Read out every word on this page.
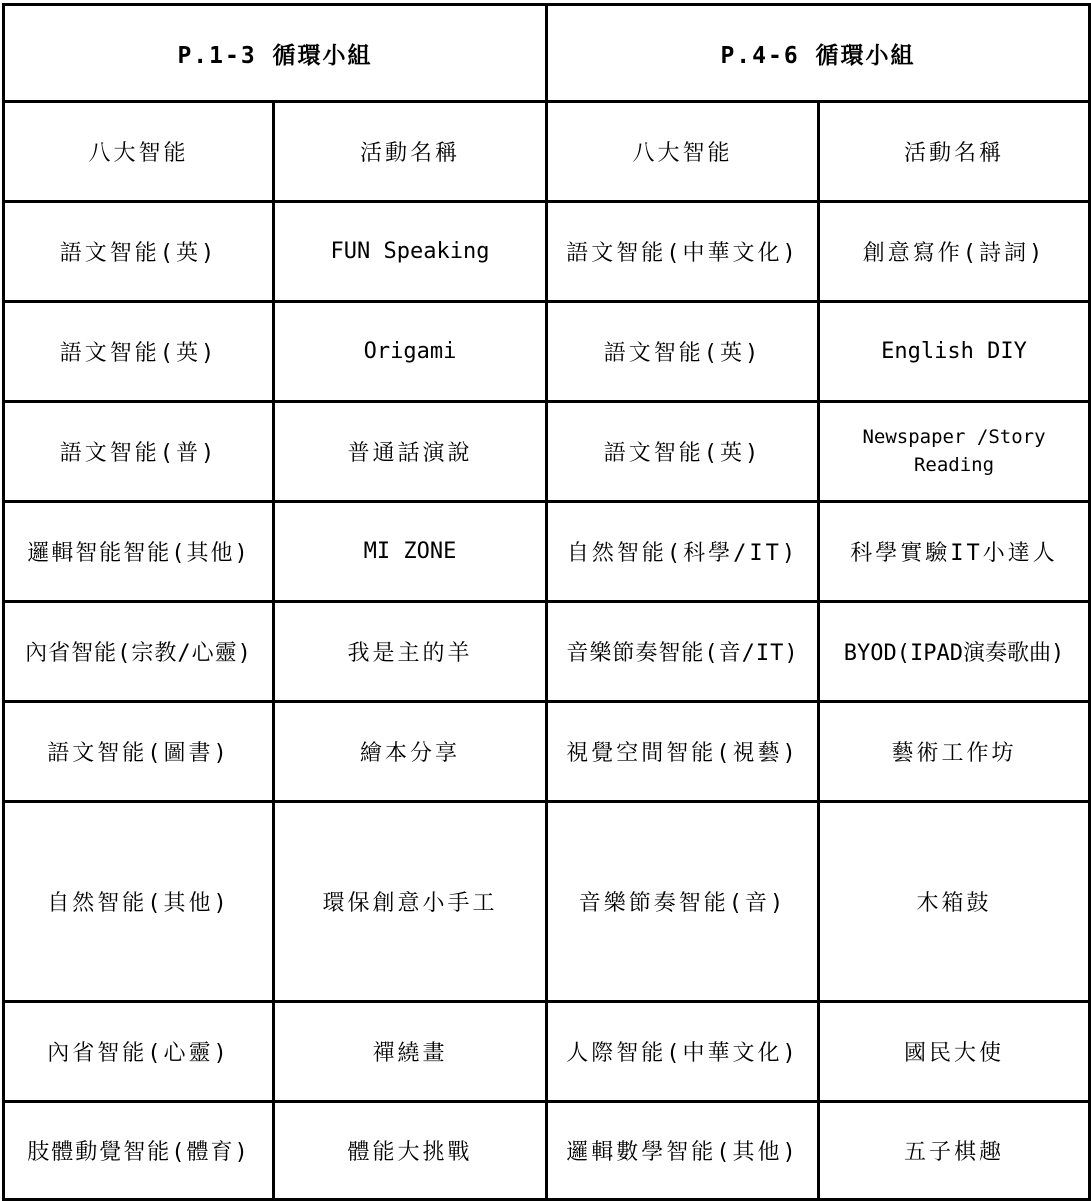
P.1-3 循環小組		P.4-6 循環小組	
八大智能	活動名稱	八大智能	活動名稱
語文智能(英)	FUN Speaking	語文智能(中華文化)	創意寫作(詩詞)
語文智能(英)	Origami	語文智能(英)	English DIY
語文智能(普)	普通話演說	語文智能(英)	Newspaper /Story Reading
邏輯智能智能(其他)	MI ZONE	自然智能(科學/IT)	科學實驗IT小達人
內省智能(宗教/心靈)	我是主的羊	音樂節奏智能(音/IT)	BYOD(IPAD演奏歌曲)
語文智能(圖書)	繪本分享	視覺空間智能(視藝)	藝術工作坊
自然智能(其他)	環保創意小手工	音樂節奏智能(音)	木箱鼓
內省智能(心靈)	禪繞畫	人際智能(中華文化)	國民大使
肢體動覺智能(體育)	體能大挑戰	邏輯數學智能(其他)	五子棋趣
